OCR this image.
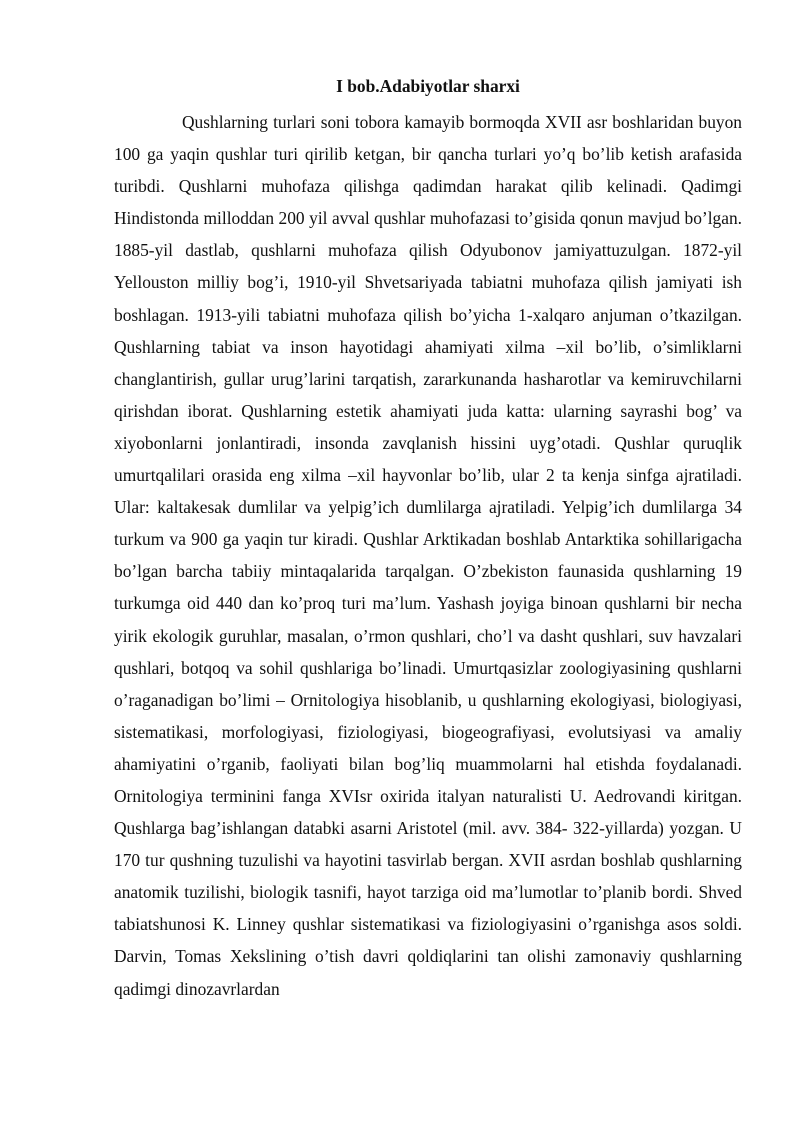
I bob.Adabiyotlar sharxi

Qushlarning turlari soni tobora kamayib bormoqda XVII asr boshlaridan buyon 100 ga yaqin qushlar turi qirilib ketgan, bir qancha turlari yo’q bo’lib ketish arafasida turibdi. Qushlarni muhofaza qilishga qadimdan harakat qilib kelinadi. Qadimgi Hindistonda milloddan 200 yil avval qushlar muhofazasi to’gisida qonun mavjud bo’lgan. 1885-yil dastlab, qushlarni muhofaza qilish Odyubonov jamiyattuzulgan. 1872-yil Yellouston milliy bog’i, 1910-yil Shvetsariyada tabiatni muhofaza qilish jamiyati ish boshlagan. 1913-yili tabiatni muhofaza qilish bo’yicha 1-xalqaro anjuman o’tkazilgan. Qushlarning tabiat va inson hayotidagi ahamiyati xilma –xil bo’lib, o’simliklarni changlantirish, gullar urug’larini tarqatish, zararkunanda hasharotlar va kemiruvchilarni qirishdan iborat. Qushlarning estetik ahamiyati juda katta: ularning sayrashi bog’ va xiyobonlarni jonlantiradi, insonda zavqlanish hissini uyg’otadi. Qushlar quruqlik umurtqalilari orasida eng xilma –xil hayvonlar bo’lib, ular 2 ta kenja sinfga ajratiladi. Ular: kaltakesak dumlilar va yelpig’ich dumlilarga ajratiladi. Yelpig’ich dumlilarga 34 turkum va 900 ga yaqin tur kiradi. Qushlar Arktikadan boshlab Antarktika sohillarigacha bo’lgan barcha tabiiy mintaqalarida tarqalgan. O’zbekiston faunasida qushlarning 19 turkumga oid 440 dan ko’proq turi ma’lum. Yashash joyiga binoan qushlarni bir necha yirik ekologik guruhlar, masalan, o’rmon qushlari, cho’l va dasht qushlari, suv havzalari qushlari, botqoq va sohil qushlariga bo’linadi. Umurtqasizlar zoologiyasining qushlarni o’raganadigan bo’limi – Ornitologiya hisoblanib, u qushlarning ekologiyasi, biologiyasi, sistematikasi, morfologiyasi, fiziologiyasi, biogeografiyasi, evolutsiyasi va amaliy ahamiyatini o’rganib, faoliyati bilan bog’liq muammolarni hal etishda foydalanadi. Ornitologiya terminini fanga XVIsr oxirida italyan naturalisti U. Aedrovandi kiritgan. Qushlarga bag’ishlangan databki asarni Aristotel (mil. avv. 384- 322-yillarda) yozgan. U 170 tur qushning tuzulishi va hayotini tasvirlab bergan. XVII asrdan boshlab qushlarning anatomik tuzilishi, biologik tasnifi, hayot tarziga oid ma’lumotlar to’planib bordi. Shved tabiatshunosi K. Linney qushlar sistematikasi va fiziologiyasini o’rganishga asos soldi. Darvin, Tomas Xekslining o’tish davri qoldiqlarini tan olishi zamonaviy qushlarning qadimgi dinozavrlardan
